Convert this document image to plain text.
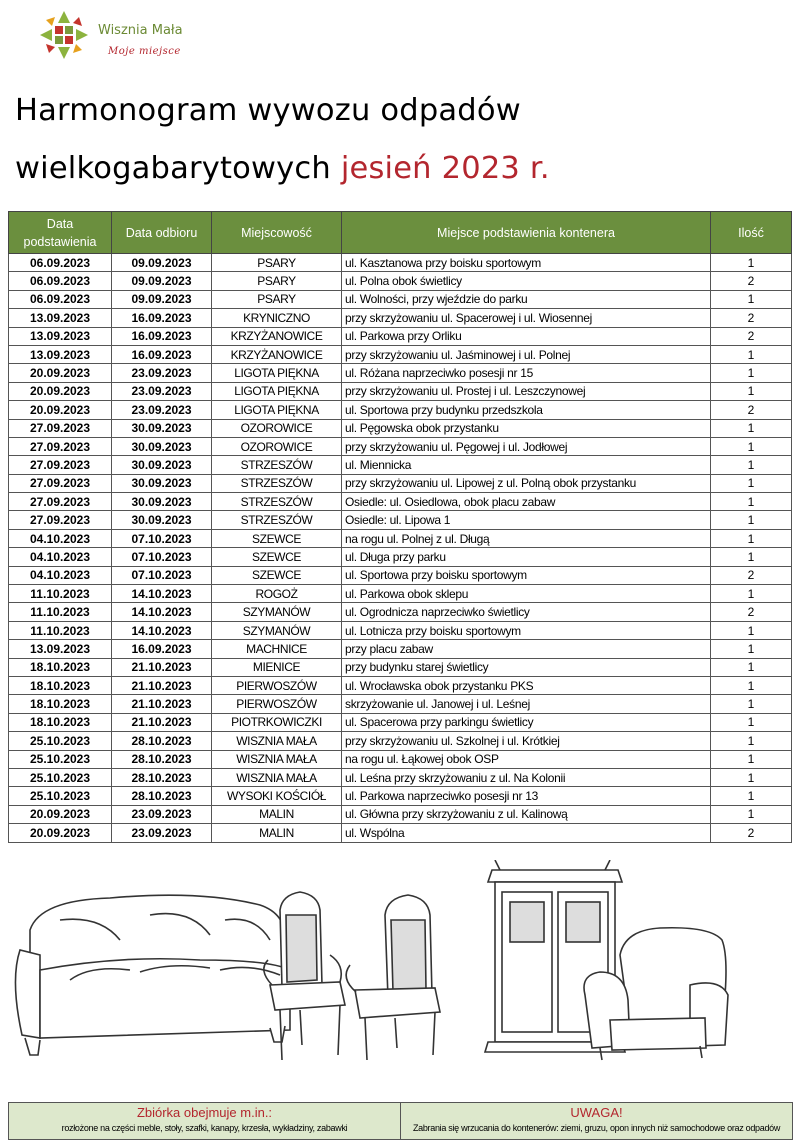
Wisznia Mała
Moje miejsce
Harmonogram wywozu odpadów
wielkogabarytowych jesień 2023 r.
Data podstawienia	Data odbioru	Miejscowość	Miejsce podstawienia kontenera	Ilość
06.09.2023	09.09.2023	PSARY	ul. Kasztanowa przy boisku sportowym	1
06.09.2023	09.09.2023	PSARY	ul. Polna obok świetlicy	2
06.09.2023	09.09.2023	PSARY	ul. Wolności, przy wjeździe do parku	1
13.09.2023	16.09.2023	KRYNICZNO	przy skrzyżowaniu ul. Spacerowej i ul. Wiosennej	2
13.09.2023	16.09.2023	KRZYŻANOWICE	ul. Parkowa przy Orliku	2
13.09.2023	16.09.2023	KRZYŻANOWICE	przy skrzyżowaniu ul. Jaśminowej i ul. Polnej	1
20.09.2023	23.09.2023	LIGOTA PIĘKNA	ul. Różana naprzeciwko posesji nr 15	1
20.09.2023	23.09.2023	LIGOTA PIĘKNA	przy skrzyżowaniu ul. Prostej i ul. Leszczynowej	1
20.09.2023	23.09.2023	LIGOTA PIĘKNA	ul. Sportowa przy budynku przedszkola	2
27.09.2023	30.09.2023	OZOROWICE	ul. Pęgowska obok przystanku	1
27.09.2023	30.09.2023	OZOROWICE	przy skrzyżowaniu ul. Pęgowej i ul. Jodłowej	1
27.09.2023	30.09.2023	STRZESZÓW	ul. Miennicka	1
27.09.2023	30.09.2023	STRZESZÓW	przy skrzyżowaniu ul. Lipowej z ul. Polną obok przystanku	1
27.09.2023	30.09.2023	STRZESZÓW	Osiedle: ul. Osiedlowa, obok placu zabaw	1
27.09.2023	30.09.2023	STRZESZÓW	Osiedle: ul. Lipowa 1	1
04.10.2023	07.10.2023	SZEWCE	na rogu ul. Polnej z ul. Długą	1
04.10.2023	07.10.2023	SZEWCE	ul. Długa przy parku	1
04.10.2023	07.10.2023	SZEWCE	ul. Sportowa przy boisku sportowym	2
11.10.2023	14.10.2023	ROGOŻ	ul. Parkowa obok sklepu	1
11.10.2023	14.10.2023	SZYMANÓW	ul. Ogrodnicza naprzeciwko świetlicy	2
11.10.2023	14.10.2023	SZYMANÓW	ul. Lotnicza przy boisku sportowym	1
13.09.2023	16.09.2023	MACHNICE	przy placu zabaw	1
18.10.2023	21.10.2023	MIENICE	przy budynku starej świetlicy	1
18.10.2023	21.10.2023	PIERWOSZÓW	ul. Wrocławska obok przystanku PKS	1
18.10.2023	21.10.2023	PIERWOSZÓW	skrzyżowanie ul. Janowej i ul. Leśnej	1
18.10.2023	21.10.2023	PIOTRKOWICZKI	ul. Spacerowa przy parkingu świetlicy	1
25.10.2023	28.10.2023	WISZNIA MAŁA	przy skrzyżowaniu ul. Szkolnej i ul. Krótkiej	1
25.10.2023	28.10.2023	WISZNIA MAŁA	na rogu ul. Łąkowej obok OSP	1
25.10.2023	28.10.2023	WISZNIA MAŁA	ul. Leśna przy skrzyżowaniu z ul. Na Kolonii	1
25.10.2023	28.10.2023	WYSOKI KOŚCIÓŁ	ul. Parkowa naprzeciwko posesji nr 13	1
20.09.2023	23.09.2023	MALIN	ul. Główna przy skrzyżowaniu z ul. Kalinową	1
20.09.2023	23.09.2023	MALIN	ul. Wspólna	2
Zbiórka obejmuje m.in.:
rozłożone na części meble, stoły, szafki, kanapy, krzesła, wykładziny, zabawki
UWAGA!
Zabrania się wrzucania do kontenerów: ziemi, gruzu, opon innych niż samochodowe oraz odpadów
